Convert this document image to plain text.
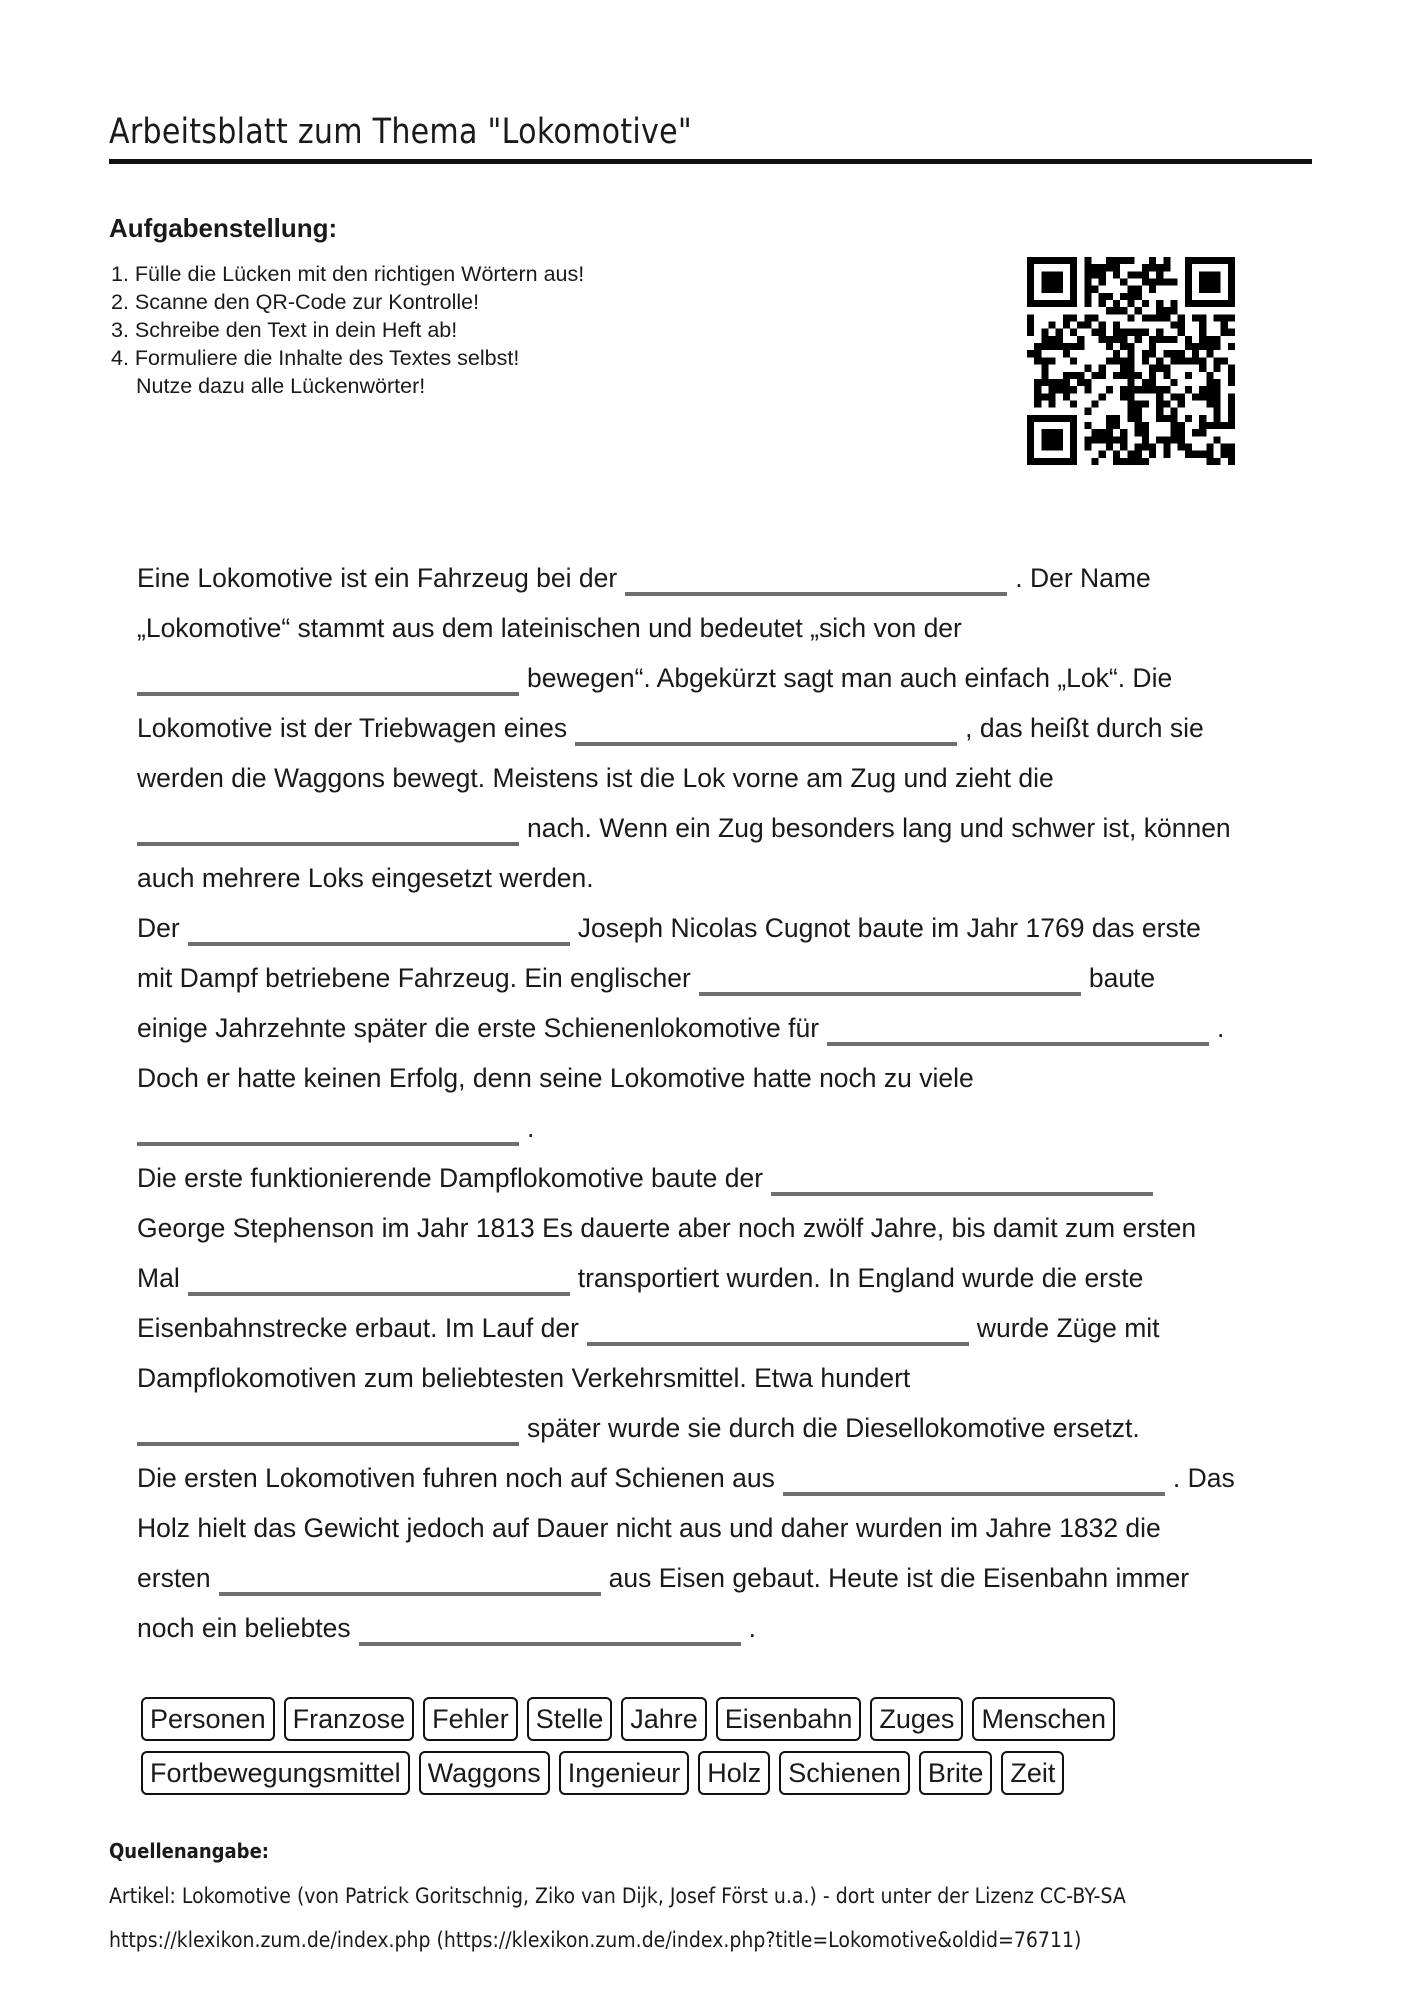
Arbeitsblatt zum Thema "Lokomotive"
Aufgabenstellung:
1. Fülle die Lücken mit den richtigen Wörtern aus!
2. Scanne den QR-Code zur Kontrolle!
3. Schreibe den Text in dein Heft ab!
4. Formuliere die Inhalte des Textes selbst!
Nutze dazu alle Lückenwörter!
Eine Lokomotive ist ein Fahrzeug bei der	. Der Name
„Lokomotive“ stammt aus dem lateinischen und bedeutet „sich von der
bewegen“. Abgekürzt sagt man auch einfach „Lok“. Die
Lokomotive ist der Triebwagen eines	, das heißt durch sie
werden die Waggons bewegt. Meistens ist die Lok vorne am Zug und zieht die
nach. Wenn ein Zug besonders lang und schwer ist, können
auch mehrere Loks eingesetzt werden.
Der	Joseph Nicolas Cugnot baute im Jahr 1769 das erste
mit Dampf betriebene Fahrzeug. Ein englischer	baute
einige Jahrzehnte später die erste Schienenlokomotive für	.
Doch er hatte keinen Erfolg, denn seine Lokomotive hatte noch zu viele
.
Die erste funktionierende Dampflokomotive baute der
George Stephenson im Jahr 1813 Es dauerte aber noch zwölf Jahre, bis damit zum ersten
Mal	transportiert wurden. In England wurde die erste
Eisenbahnstrecke erbaut. Im Lauf der	wurde Züge mit
Dampflokomotiven zum beliebtesten Verkehrsmittel. Etwa hundert
später wurde sie durch die Diesellokomotive ersetzt.
Die ersten Lokomotiven fuhren noch auf Schienen aus	. Das
Holz hielt das Gewicht jedoch auf Dauer nicht aus und daher wurden im Jahre 1832 die
ersten	aus Eisen gebaut. Heute ist die Eisenbahn immer
noch ein beliebtes	.
Personen	Franzose	Fehler	Stelle	Jahre	Eisenbahn	Zuges	Menschen
Fortbewegungsmittel	Waggons	Ingenieur	Holz	Schienen	Brite	Zeit
Quellenangabe:
Artikel: Lokomotive (von Patrick Goritschnig, Ziko van Dijk, Josef Först u.a.) - dort unter der Lizenz CC-BY-SA
https://klexikon.zum.de/index.php (https://klexikon.zum.de/index.php?title=Lokomotive&oldid=76711)
